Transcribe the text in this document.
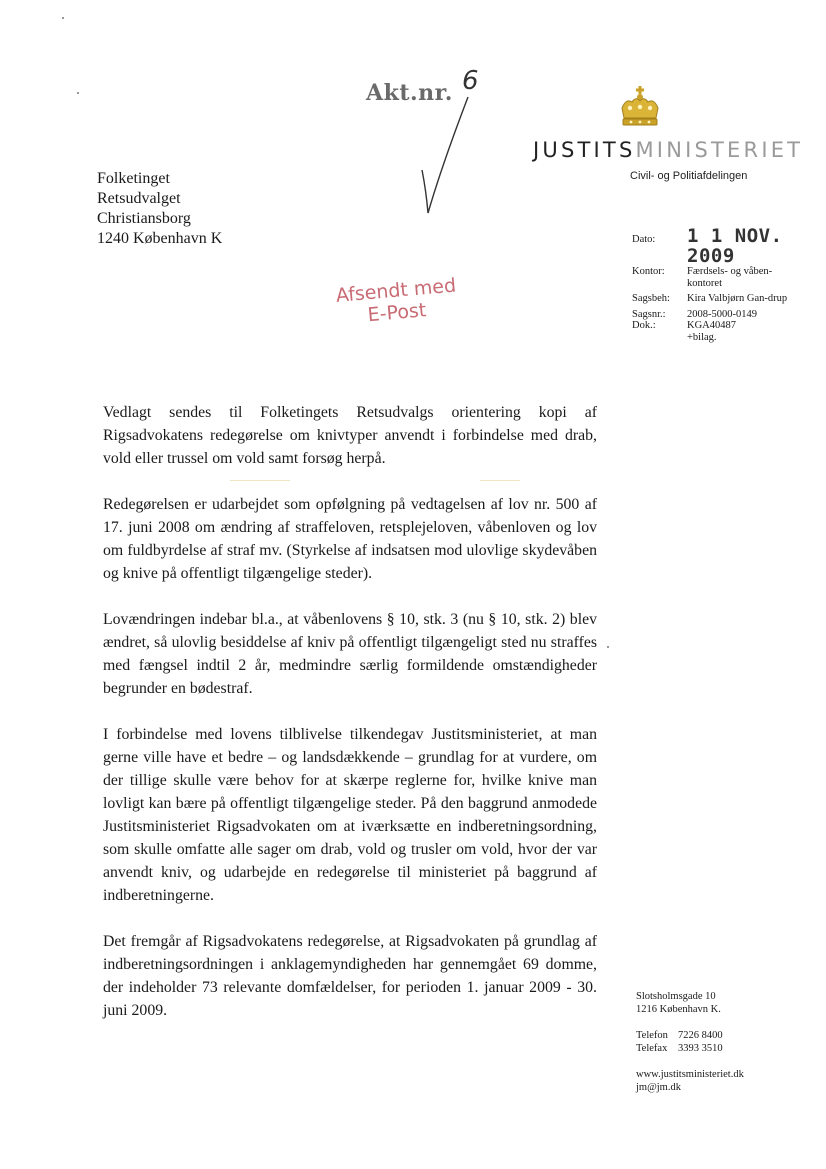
Akt.nr. 6
JUSTITSMINISTERIET
Civil- og Politiafdelingen
Folketinget
Retsudvalget
Christiansborg
1240 København K
Afsendt med
E-Post
Dato:	1 1 NOV. 2009
Kontor:	Færdsels- og våben-kontoret
Sagsbeh:	Kira Valbjørn Gan-drup
Sagsnr.:	2008-5000-0149
Dok.:	KGA40487
	+bilag.

Vedlagt sendes til Folketingets Retsudvalgs orientering kopi af Rigsadvokatens redegørelse om knivtyper anvendt i forbindelse med drab, vold eller trussel om vold samt forsøg herpå.

Redegørelsen er udarbejdet som opfølgning på vedtagelsen af lov nr. 500 af 17. juni 2008 om ændring af straffeloven, retsplejeloven, våbenloven og lov om fuldbyrdelse af straf mv. (Styrkelse af indsatsen mod ulovlige skydevåben og knive på offentligt tilgængelige steder).

Lovændringen indebar bl.a., at våbenlovens § 10, stk. 3 (nu § 10, stk. 2) blev ændret, så ulovlig besiddelse af kniv på offentligt tilgængeligt sted nu straffes med fængsel indtil 2 år, medmindre særlig formildende omstændigheder begrunder en bødestraf.

I forbindelse med lovens tilblivelse tilkendegav Justitsministeriet, at man gerne ville have et bedre – og landsdækkende – grundlag for at vurdere, om der tillige skulle være behov for at skærpe reglerne for, hvilke knive man lovligt kan bære på offentligt tilgængelige steder. På den baggrund anmodede Justitsministeriet Rigsadvokaten om at iværksætte en indberetningsordning, som skulle omfatte alle sager om drab, vold og trusler om vold, hvor der var anvendt kniv, og udarbejde en redegørelse til ministeriet på baggrund af indberetningerne.

Det fremgår af Rigsadvokatens redegørelse, at Rigsadvokaten på grundlag af indberetningsordningen i anklagemyndigheden har gennemgået 69 domme, der indeholder 73 relevante domfældelser, for perioden 1. januar 2009 - 30. juni 2009.

Slotsholmsgade 10
1216 København K.
Telefon 7226 8400
Telefax 3393 3510
www.justitsministeriet.dk
jm@jm.dk
